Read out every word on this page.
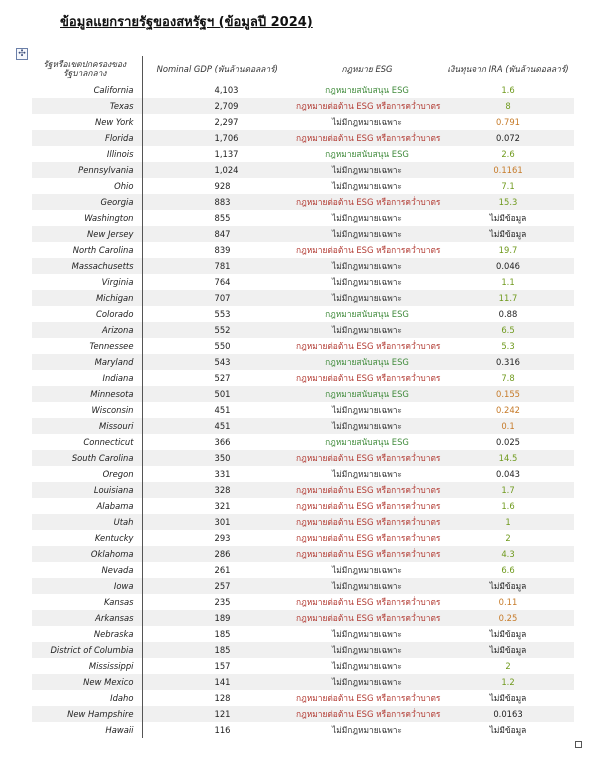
ข้อมูลแยกรายรัฐของสหรัฐฯ (ข้อมูลปี 2024)
✣
รัฐหรือเขตปกครองของ
รัฐบาลกลาง	Nominal GDP (พันล้านดอลลาร์)	กฎหมาย ESG	เงินทุนจาก IRA (พันล้านดอลลาร์)
California	4,103	กฎหมายสนับสนุน ESG	1.6
Texas	2,709	กฎหมายต่อต้าน ESG หรือการคว่ำบาตร	8
New York	2,297	ไม่มีกฎหมายเฉพาะ	0.791
Florida	1,706	กฎหมายต่อต้าน ESG หรือการคว่ำบาตร	0.072
Illinois	1,137	กฎหมายสนับสนุน ESG	2.6
Pennsylvania	1,024	ไม่มีกฎหมายเฉพาะ	0.1161
Ohio	928	ไม่มีกฎหมายเฉพาะ	7.1
Georgia	883	กฎหมายต่อต้าน ESG หรือการคว่ำบาตร	15.3
Washington	855	ไม่มีกฎหมายเฉพาะ	ไม่มีข้อมูล
New Jersey	847	ไม่มีกฎหมายเฉพาะ	ไม่มีข้อมูล
North Carolina	839	กฎหมายต่อต้าน ESG หรือการคว่ำบาตร	19.7
Massachusetts	781	ไม่มีกฎหมายเฉพาะ	0.046
Virginia	764	ไม่มีกฎหมายเฉพาะ	1.1
Michigan	707	ไม่มีกฎหมายเฉพาะ	11.7
Colorado	553	กฎหมายสนับสนุน ESG	0.88
Arizona	552	ไม่มีกฎหมายเฉพาะ	6.5
Tennessee	550	กฎหมายต่อต้าน ESG หรือการคว่ำบาตร	5.3
Maryland	543	กฎหมายสนับสนุน ESG	0.316
Indiana	527	กฎหมายต่อต้าน ESG หรือการคว่ำบาตร	7.8
Minnesota	501	กฎหมายสนับสนุน ESG	0.155
Wisconsin	451	ไม่มีกฎหมายเฉพาะ	0.242
Missouri	451	ไม่มีกฎหมายเฉพาะ	0.1
Connecticut	366	กฎหมายสนับสนุน ESG	0.025
South Carolina	350	กฎหมายต่อต้าน ESG หรือการคว่ำบาตร	14.5
Oregon	331	ไม่มีกฎหมายเฉพาะ	0.043
Louisiana	328	กฎหมายต่อต้าน ESG หรือการคว่ำบาตร	1.7
Alabama	321	กฎหมายต่อต้าน ESG หรือการคว่ำบาตร	1.6
Utah	301	กฎหมายต่อต้าน ESG หรือการคว่ำบาตร	1
Kentucky	293	กฎหมายต่อต้าน ESG หรือการคว่ำบาตร	2
Oklahoma	286	กฎหมายต่อต้าน ESG หรือการคว่ำบาตร	4.3
Nevada	261	ไม่มีกฎหมายเฉพาะ	6.6
Iowa	257	ไม่มีกฎหมายเฉพาะ	ไม่มีข้อมูล
Kansas	235	กฎหมายต่อต้าน ESG หรือการคว่ำบาตร	0.11
Arkansas	189	กฎหมายต่อต้าน ESG หรือการคว่ำบาตร	0.25
Nebraska	185	ไม่มีกฎหมายเฉพาะ	ไม่มีข้อมูล
District of Columbia	185	ไม่มีกฎหมายเฉพาะ	ไม่มีข้อมูล
Mississippi	157	ไม่มีกฎหมายเฉพาะ	2
New Mexico	141	ไม่มีกฎหมายเฉพาะ	1.2
Idaho	128	กฎหมายต่อต้าน ESG หรือการคว่ำบาตร	ไม่มีข้อมูล
New Hampshire	121	กฎหมายต่อต้าน ESG หรือการคว่ำบาตร	0.0163
Hawaii	116	ไม่มีกฎหมายเฉพาะ	ไม่มีข้อมูล
